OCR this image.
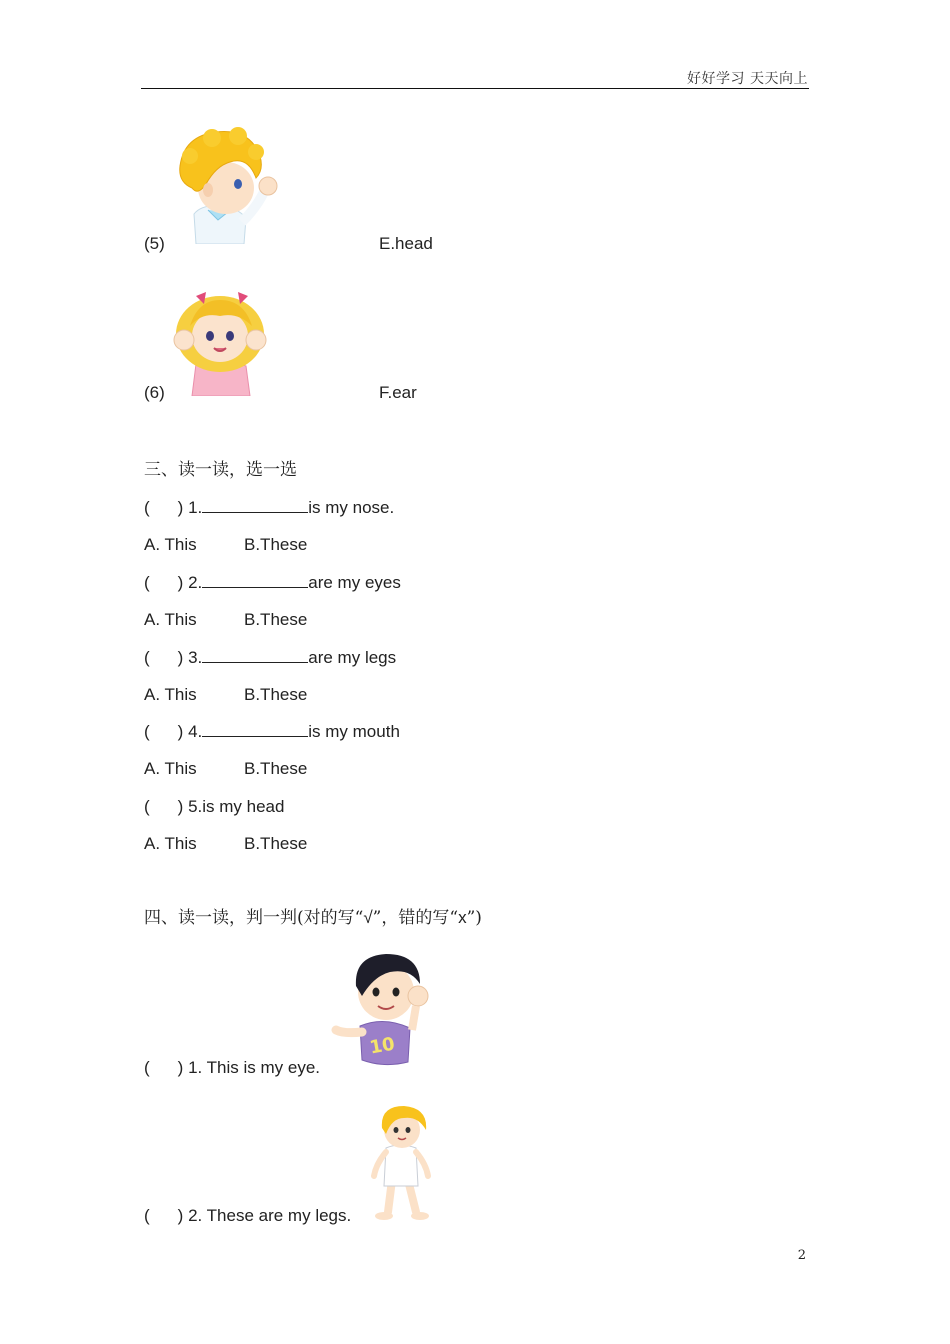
好好学习 天天向上
(5)	E.head
(6)	F.ear
三、读一读，选一选
( ) 1.	is my nose.
A. This	B.These
( ) 2.	are my eyes
A. This	B.These
( ) 3.	are my legs
A. This	B.These
( ) 4.	is my mouth
A. This	B.These
( ) 5.is my head
A. This	B.These
四、读一读，判一判(对的写“√”，错的写“x”)
10
( ) 1. This is my eye.
( ) 2. These are my legs.
2
